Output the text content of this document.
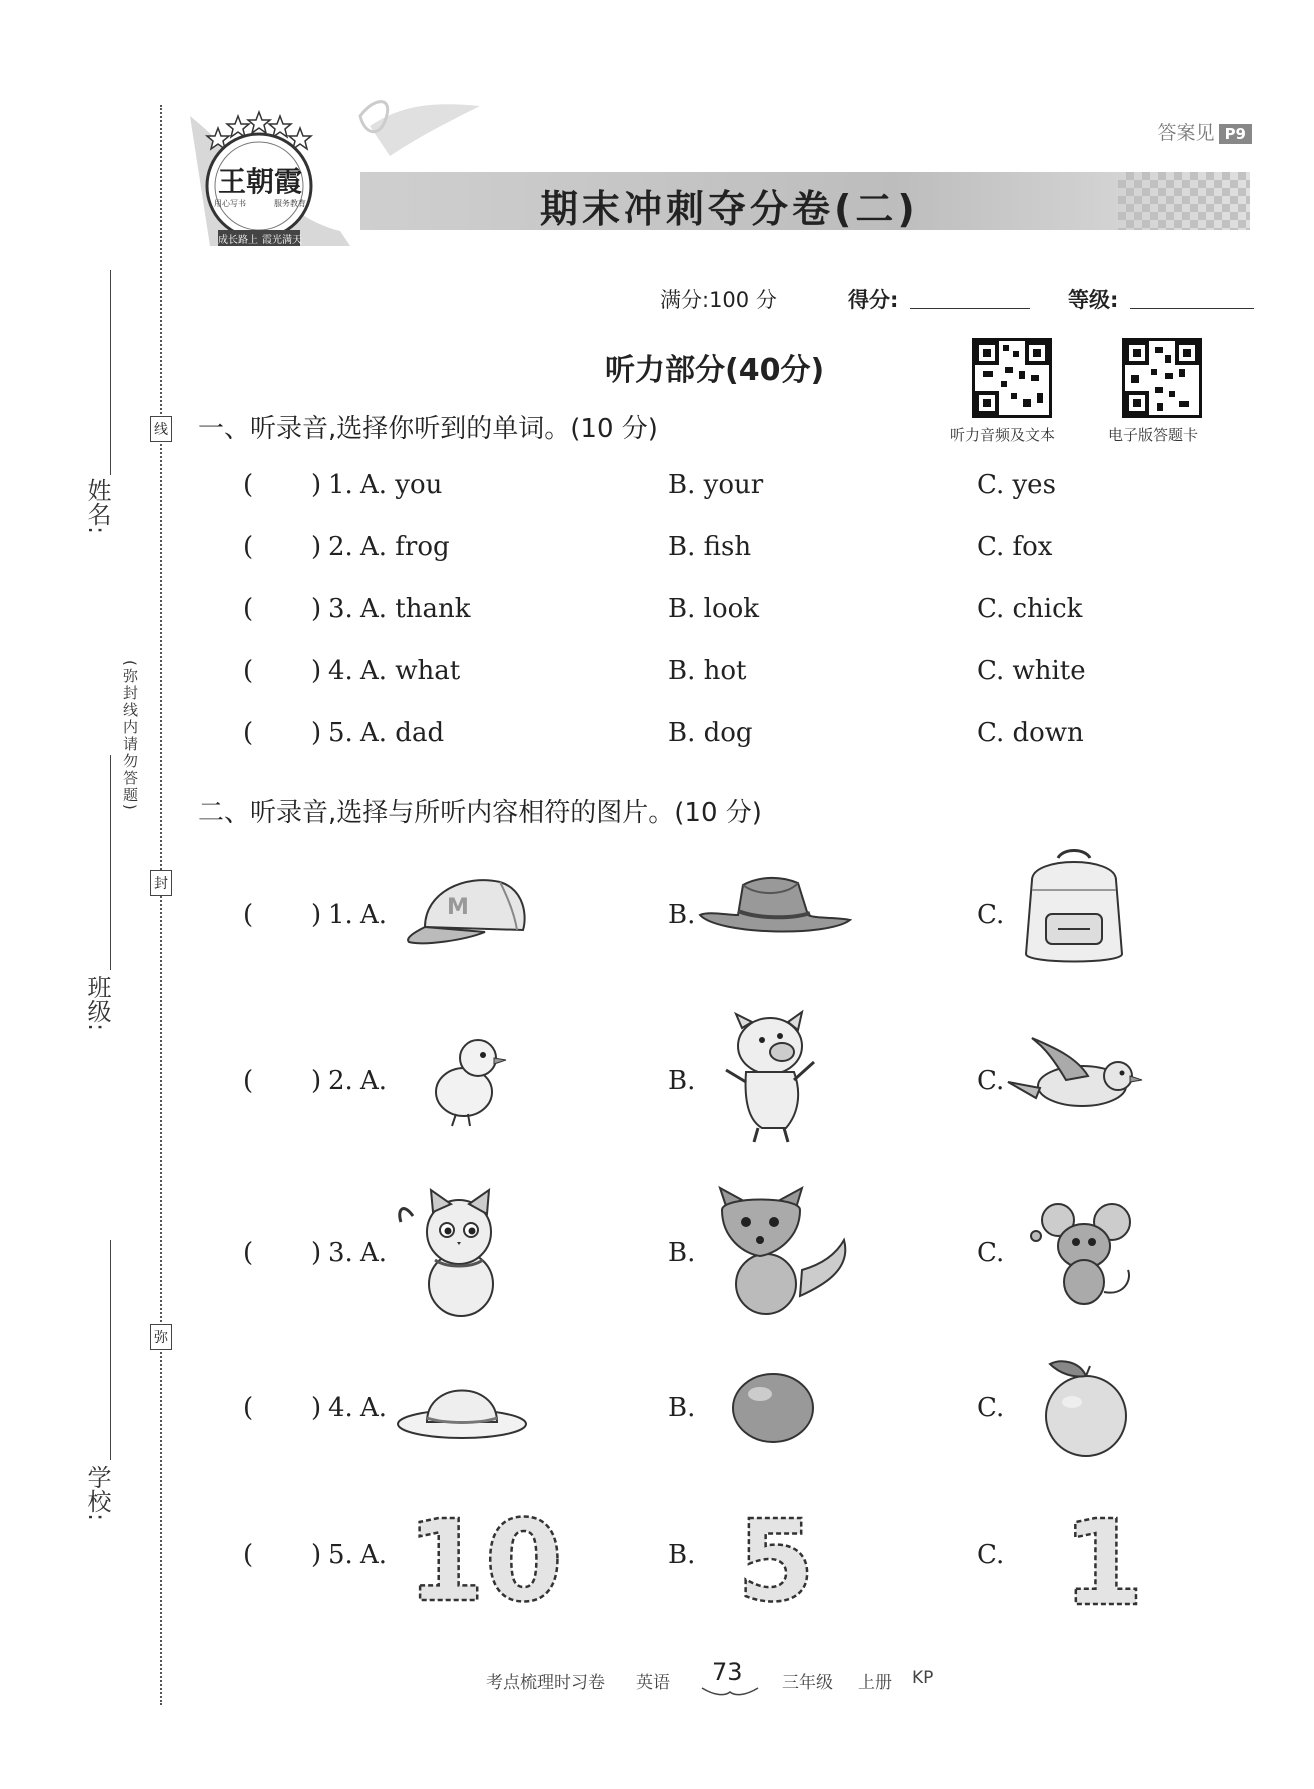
姓名:
班级:
学校:
线
封
弥
(弥封线内请勿答题)
王朝霞
用心写书	服务教育
成长路上 霞光满天
答案见 P9
期末冲刺夺分卷(二)
满分:100 分	得分:	等级:
听力部分(40分)
听力音频及文本	电子版答题卡
一、听录音,选择你听到的单词。(10 分)
(       ) 1. A. you	B. your	C. yes
(       ) 2. A. frog	B. fish	C. fox
(       ) 3. A. thank	B. look	C. chick
(       ) 4. A. what	B. hot	C. white
(       ) 5. A. dad	B. dog	C. down
二、听录音,选择与所听内容相符的图片。(10 分)
(       ) 1. A.	B.	C.
M
(       ) 2. A.	B.	C.
(       ) 3. A.	B.	C.
(       ) 4. A.	B.	C.
(       ) 5. A.	B.	C.
10 5 1
考点梳理时习卷 英语 73 三年级 上册 KP
